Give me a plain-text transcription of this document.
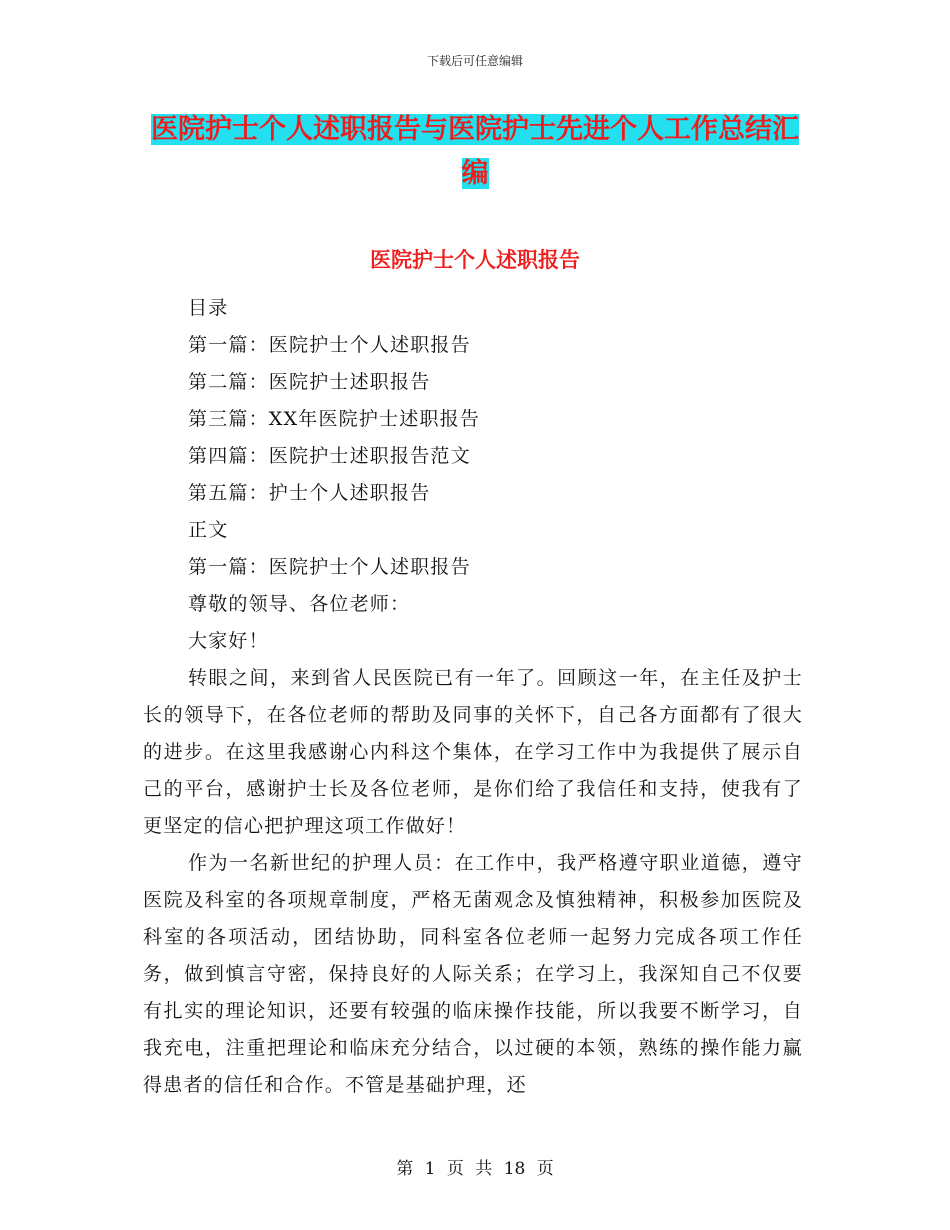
下载后可任意编辑
医院护士个人述职报告与医院护士先进个人工作总结汇编
医院护士个人述职报告
目录
第一篇：医院护士个人述职报告
第二篇：医院护士述职报告
第三篇：XX年医院护士述职报告
第四篇：医院护士述职报告范文
第五篇：护士个人述职报告
正文
第一篇：医院护士个人述职报告
尊敬的领导、各位老师：
大家好！

转眼之间，来到省人民医院已有一年了。回顾这一年，在主任及护士长的领导下，在各位老师的帮助及同事的关怀下，自己各方面都有了很大的进步。在这里我感谢心内科这个集体，在学习工作中为我提供了展示自己的平台，感谢护士长及各位老师，是你们给了我信任和支持，使我有了更坚定的信心把护理这项工作做好！

作为一名新世纪的护理人员：在工作中，我严格遵守职业道德，遵守医院及科室的各项规章制度，严格无菌观念及慎独精神，积极参加医院及科室的各项活动，团结协助，同科室各位老师一起努力完成各项工作任务，做到慎言守密，保持良好的人际关系；在学习上，我深知自己不仅要有扎实的理论知识，还要有较强的临床操作技能，所以我要不断学习，自我充电，注重把理论和临床充分结合，以过硬的本领，熟练的操作能力赢得患者的信任和合作。不管是基础护理，还

第 1 页 共 18 页
